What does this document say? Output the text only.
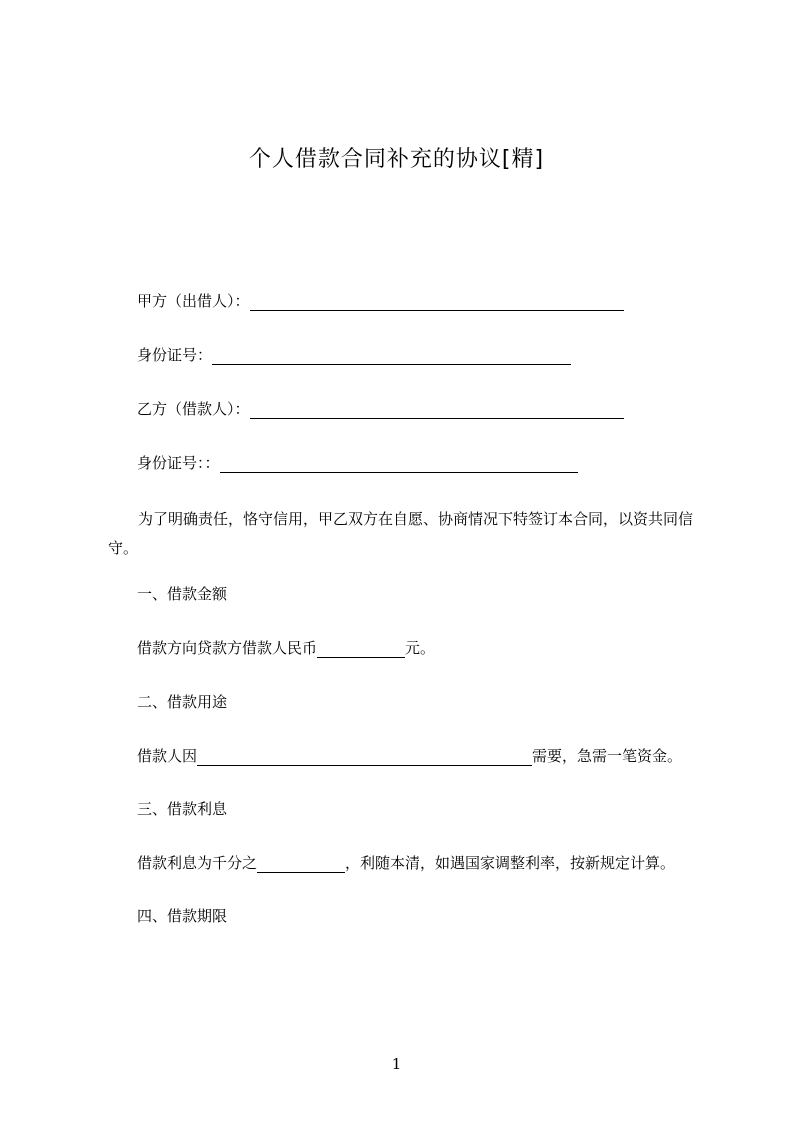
个人借款合同补充的协议[精]
甲方（出借人）：
身份证号：
乙方（借款人）：
身份证号：：
为了明确责任，恪守信用，甲乙双方在自愿、协商情况下特签订本合同，以资共同信守。
一、借款金额
借款方向贷款方借款人民币	元。
二、借款用途
借款人因	需要，急需一笔资金。
三、借款利息
借款利息为千分之	，利随本清，如遇国家调整利率，按新规定计算。
四、借款期限
1
